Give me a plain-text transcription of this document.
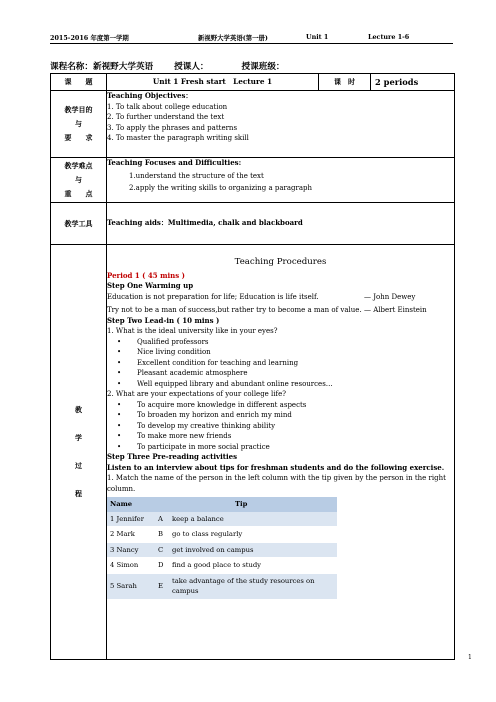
2015-2016 年度第一学期	新视野大学英语(第一册)	Unit 1	Lecture 1-6
课程名称：新视野大学英语 授课人：	授课班级：
课　　题	Unit 1 Fresh start　Lecture 1	课　时	2 periods

教学目的
与
要　　求

Teaching Objectives：
1. To talk about college education
2. To further understand the text
3. To apply the phrases and patterns
4. To master the paragraph writing skill

教学难点
与
重　　点

Teaching Focuses and Difficulties:
1.understand the structure of the text
2.apply the writing skills to organizing a paragraph

教学工具	Teaching aids：Multimedia, chalk and blackboard

教
学
过
程

Teaching Procedures
Period 1 ( 45 mins )
Step One Warming up
Education is not preparation for life; Education is life itself.	— John Dewey
Try not to be a man of success,but rather try to become a man of value. — Albert Einstein
Step Two Lead-in ( 10 mins )
1. What is the ideal university like in your eyes?
• Qualified professors
• Nice living condition
• Excellent condition for teaching and learning
• Pleasant academic atmosphere
• Well equipped library and abundant online resources…
2. What are your expectations of your college life?
• To acquire more knowledge in different aspects
• To broaden my horizon and enrich my mind
• To develop my creative thinking ability
• To make more new friends
• To participate in more social practice
Step Three Pre-reading activities
Listen to an interview about tips for freshman students and do the following exercise.
1. Match the name of the person in the left column with the tip given by the person in the right column.
Name	Tip
1 Jennifer	A	keep a balance
2 Mark	B	go to class regularly
3 Nancy	C	get involved on campus
4 Simon	D	find a good place to study
5 Sarah	E	take advantage of the study resources on campus
1
